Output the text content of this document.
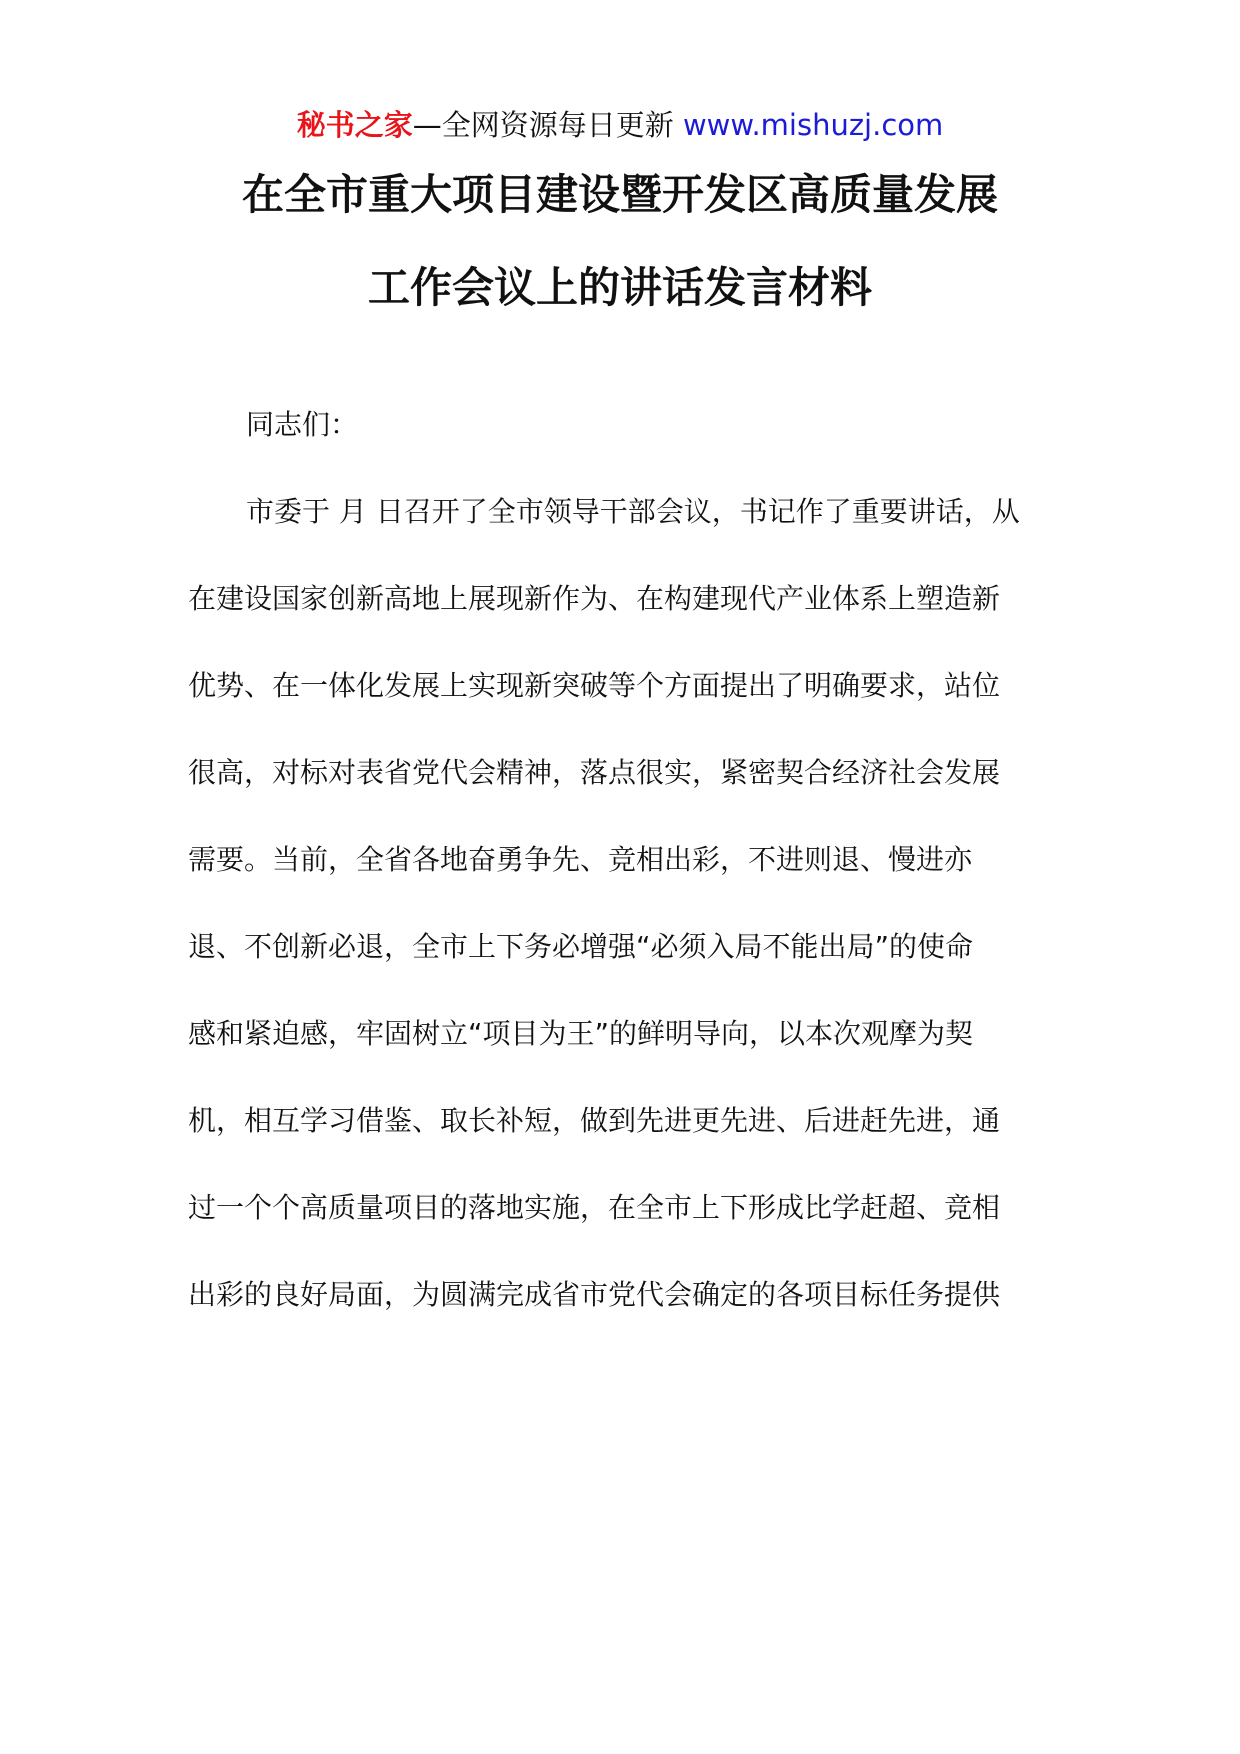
秘书之家—全网资源每日更新 www.mishuzj.com
在全市重大项目建设暨开发区高质量发展
工作会议上的讲话发言材料
同志们：
市委于 月 日召开了全市领导干部会议，书记作了重要讲话，从
在建设国家创新高地上展现新作为、在构建现代产业体系上塑造新
优势、在一体化发展上实现新突破等个方面提出了明确要求，站位
很高，对标对表省党代会精神，落点很实，紧密契合经济社会发展
需要。当前，全省各地奋勇争先、竞相出彩，不进则退、慢进亦
退、不创新必退，全市上下务必增强“必须入局不能出局”的使命
感和紧迫感，牢固树立“项目为王”的鲜明导向，以本次观摩为契
机，相互学习借鉴、取长补短，做到先进更先进、后进赶先进，通
过一个个高质量项目的落地实施，在全市上下形成比学赶超、竞相
出彩的良好局面，为圆满完成省市党代会确定的各项目标任务提供
